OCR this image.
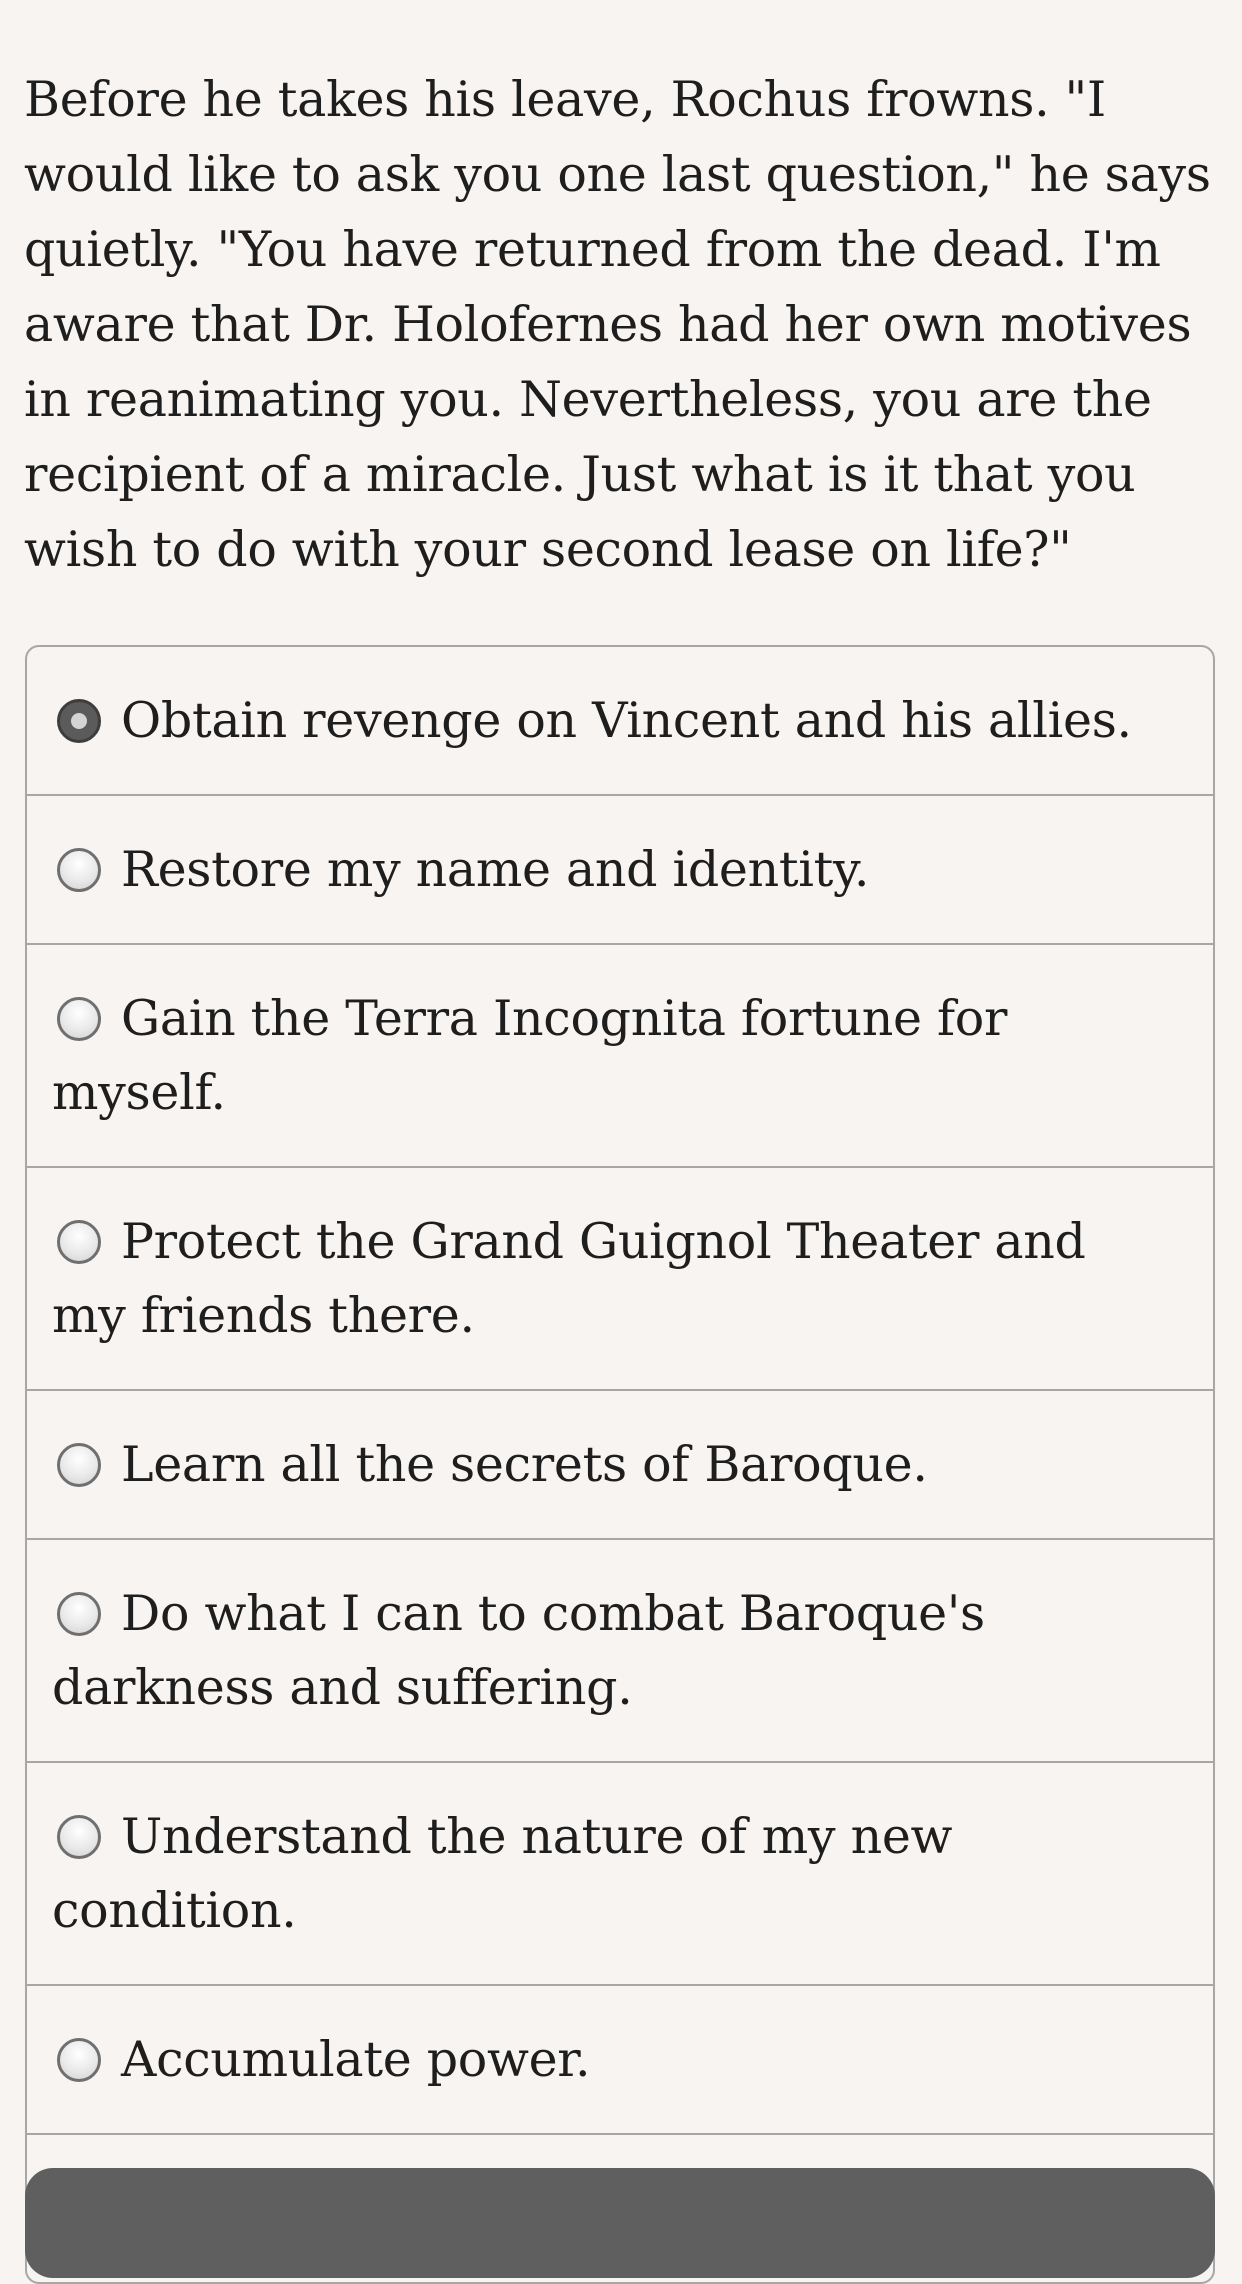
Before he takes his leave, Rochus frowns. "I would like to ask you one last question," he says quietly. "You have returned from the dead. I'm aware that Dr. Holofernes had her own motives in reanimating you. Nevertheless, you are the recipient of a miracle. Just what is it that you wish to do with your second lease on life?"

Obtain revenge on Vincent and his allies.
Restore my name and identity.
Gain the Terra Incognita fortune for myself.
Protect the Grand Guignol Theater and my friends there.
Learn all the secrets of Baroque.
Do what I can to combat Baroque's darkness and suffering.
Understand the nature of my new condition.
Accumulate power.
